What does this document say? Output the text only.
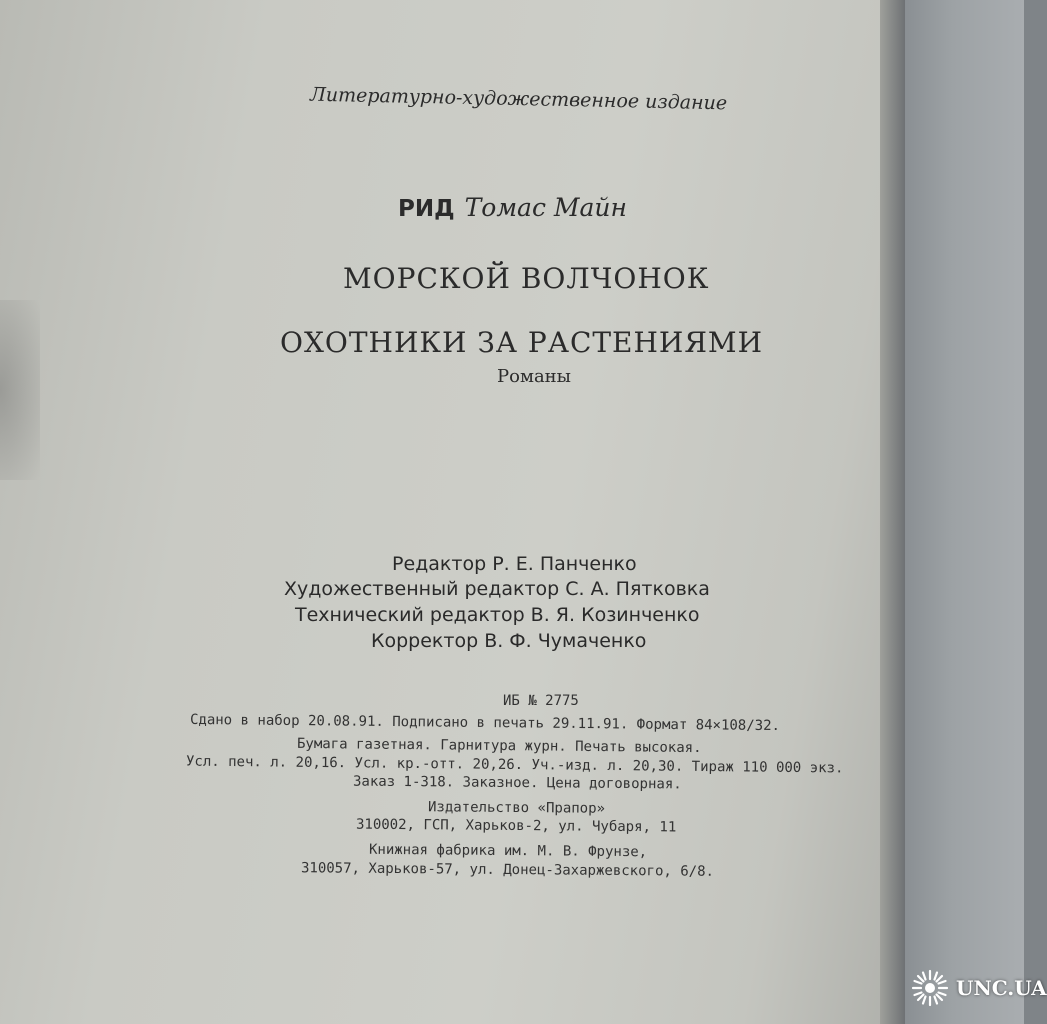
Литературно-художественное издание

РИД Томас Майн

МОРСКОЙ ВОЛЧОНОК

ОХОТНИКИ ЗА РАСТЕНИЯМИ

Романы

Редактор Р. Е. Панченко

Художественный редактор С. А. Пятковка

Технический редактор В. Я. Козинченко

Корректор В. Ф. Чумаченко

ИБ № 2775

Сдано в набор 20.08.91. Подписано в печать 29.11.91. Формат 84×108/32.

Бумага газетная. Гарнитура журн. Печать высокая.

Усл. печ. л. 20,16. Усл. кр.-отт. 20,26. Уч.-изд. л. 20,30. Тираж 110 000 экз.

Заказ 1-318. Заказное. Цена договорная.

Издательство «Прапор»

310002, ГСП, Харьков-2, ул. Чубаря, 11

Книжная фабрика им. М. В. Фрунзе,

310057, Харьков-57, ул. Донец-Захаржевского, 6/8.

UNC.UA
